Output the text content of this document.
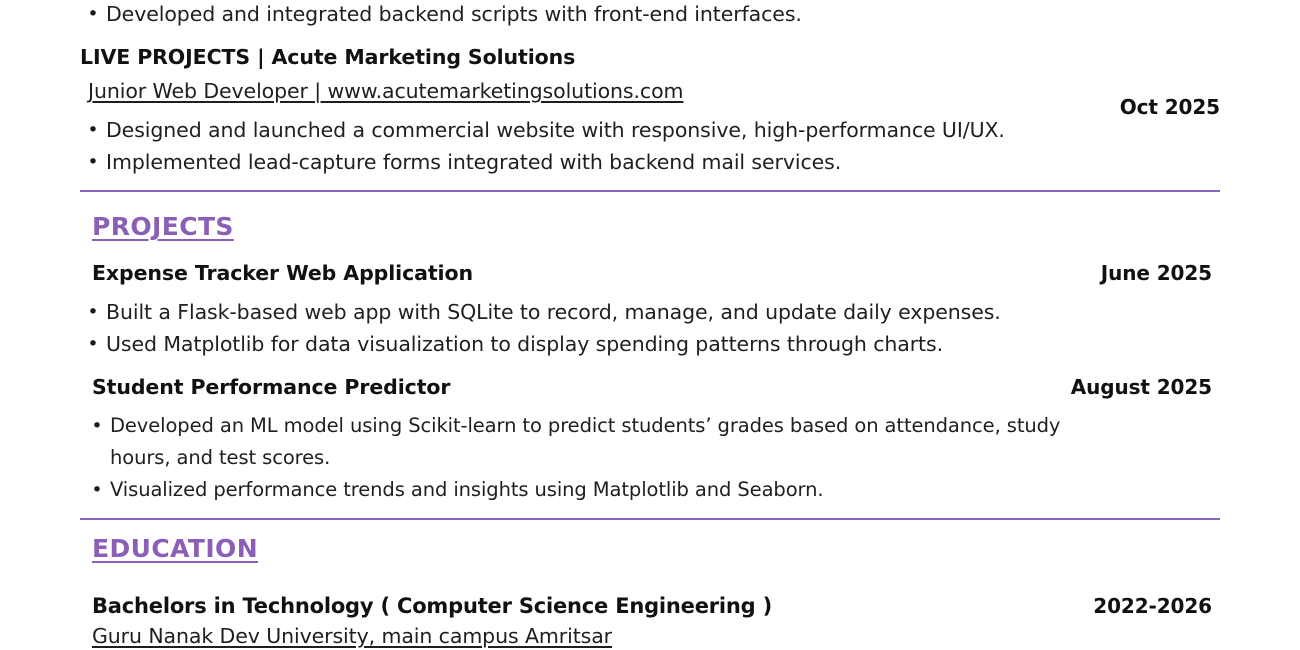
• Developed and integrated backend scripts with front-end interfaces.
LIVE PROJECTS | Acute Marketing Solutions
Junior Web Developer | www.acutemarketingsolutions.com
Oct 2025
• Designed and launched a commercial website with responsive, high-performance UI/UX.
• Implemented lead-capture forms integrated with backend mail services.
PROJECTS
Expense Tracker Web Application	June 2025
• Built a Flask-based web app with SQLite to record, manage, and update daily expenses.
• Used Matplotlib for data visualization to display spending patterns through charts.
Student Performance Predictor	August 2025
• Developed an ML model using Scikit-learn to predict students’ grades based on attendance, study hours, and test scores.
• Visualized performance trends and insights using Matplotlib and Seaborn.
EDUCATION
Bachelors in Technology ( Computer Science Engineering )	2022-2026
Guru Nanak Dev University, main campus Amritsar
